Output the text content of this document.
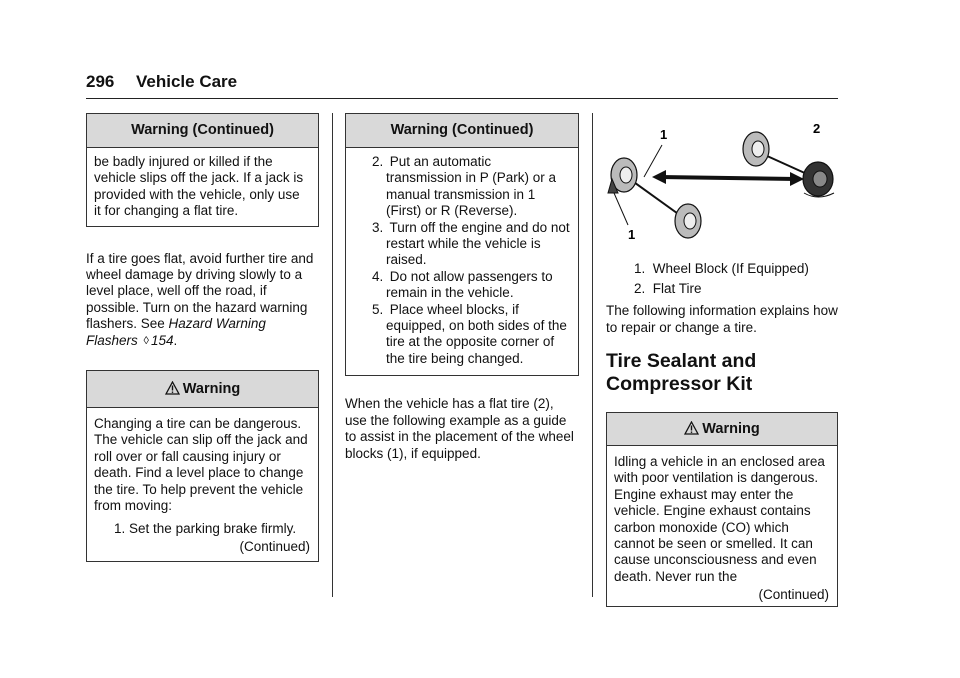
296 Vehicle Care
Warning (Continued)

be badly injured or killed if the vehicle slips off the jack. If a jack is provided with the vehicle, only use it for changing a flat tire.

If a tire goes flat, avoid further tire and wheel damage by driving slowly to a level place, well off the road, if possible. Turn on the hazard warning flashers. See Hazard Warning Flashers ◊ 154.

Warning

Changing a tire can be dangerous. The vehicle can slip off the jack and roll over or fall causing injury or death. Find a level place to change the tire. To help prevent the vehicle from moving:

1. Set the parking brake firmly.

(Continued)

Warning (Continued)

2. Put an automatic transmission in P (Park) or a manual transmission in 1 (First) or R (Reverse).

3. Turn off the engine and do not restart while the vehicle is raised.

4. Do not allow passengers to remain in the vehicle.

5. Place wheel blocks, if equipped, on both sides of the tire at the opposite corner of the tire being changed.

When the vehicle has a flat tire (2), use the following example as a guide to assist in the placement of the wheel blocks (1), if equipped.

1	2
1
1. Wheel Block (If Equipped)
2. Flat Tire

The following information explains how to repair or change a tire.

Tire Sealant and Compressor Kit

Warning

Idling a vehicle in an enclosed area with poor ventilation is dangerous. Engine exhaust may enter the vehicle. Engine exhaust contains carbon monoxide (CO) which cannot be seen or smelled. It can cause unconsciousness and even death. Never run the

(Continued)
